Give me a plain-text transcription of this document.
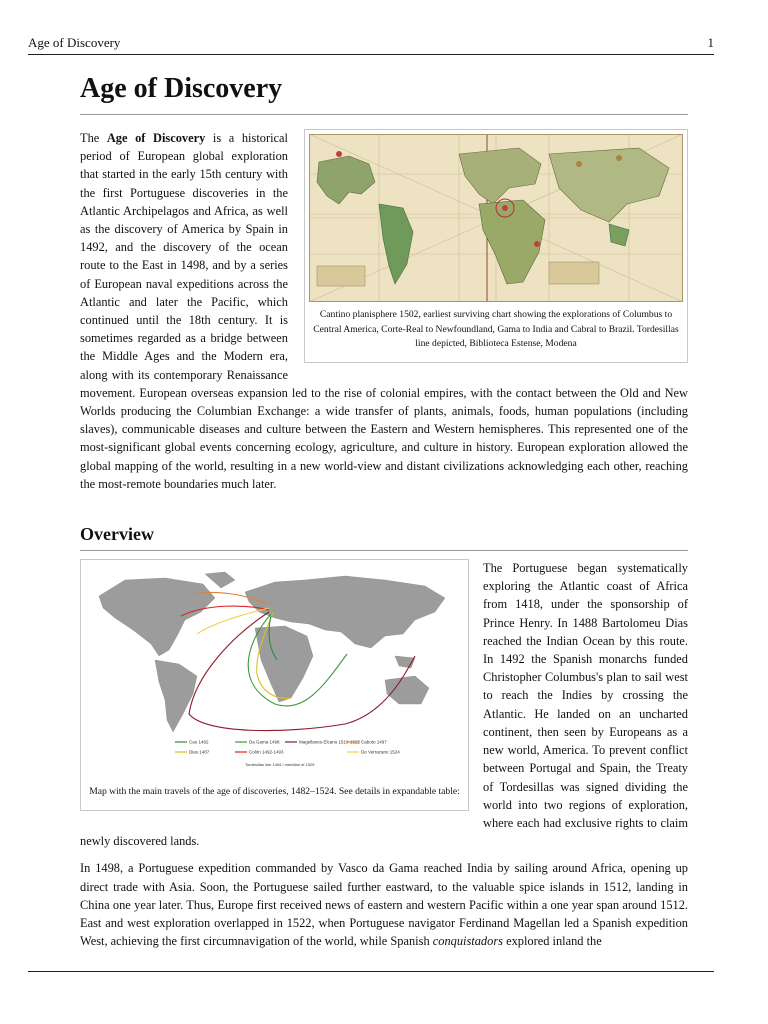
Age of Discovery	1
Age of Discovery
Cantino planisphere 1502, earliest surviving chart showing the explorations of Columbus to Central America, Corte-Real to Newfoundland, Gama to India and Cabral to Brazil. Tordesillas line depicted, Biblioteca Estense, Modena

The Age of Discovery is a historical period of European global exploration that started in the early 15th century with the first Portuguese discoveries in the Atlantic Archipelagos and Africa, as well as the discovery of America by Spain in 1492, and the discovery of the ocean route to the East in 1498, and by a series of European naval expeditions across the Atlantic and later the Pacific, which continued until the 18th century. It is sometimes regarded as a bridge between the Middle Ages and the Modern era, along with its contemporary Renaissance movement. European overseas expansion led to the rise of colonial empires, with the contact between the Old and New Worlds producing the Columbian Exchange: a wide transfer of plants, animals, foods, human populations (including slaves), communicable diseases and culture between the Eastern and Western hemispheres. This represented one of the most-significant global events concerning ecology, agriculture, and culture in history. European exploration allowed the global mapping of the world, resulting in a new world-view and distant civilizations acknowledging each other, reaching the most-remote boundaries much later.

Overview
Cao 1482	Da Gama 1498	Magellanes-Elcano 1519-1522 Cabotо 1497
Dias 1487	Colón 1492-1493	De Verrazano 1524
Tordesillas line 1494 / meridian of 1529
Map with the main travels of the age of discoveries, 1482–1524. See details in expandable table:

The Portuguese began systematically exploring the Atlantic coast of Africa from 1418, under the sponsorship of Prince Henry. In 1488 Bartolomeu Dias reached the Indian Ocean by this route. In 1492 the Spanish monarchs funded Christopher Columbus's plan to sail west to reach the Indies by crossing the Atlantic. He landed on an uncharted continent, then seen by Europeans as a new world, America. To prevent conflict between Portugal and Spain, the Treaty of Tordesillas was signed dividing the world into two regions of exploration, where each had exclusive rights to claim newly discovered lands.

In 1498, a Portuguese expedition commanded by Vasco da Gama reached India by sailing around Africa, opening up direct trade with Asia. Soon, the Portuguese sailed further eastward, to the valuable spice islands in 1512, landing in China one year later. Thus, Europe first received news of eastern and western Pacific within a one year span around 1512. East and west exploration overlapped in 1522, when Portuguese navigator Ferdinand Magellan led a Spanish expedition West, achieving the first circumnavigation of the world, while Spanish conquistadors explored inland the
